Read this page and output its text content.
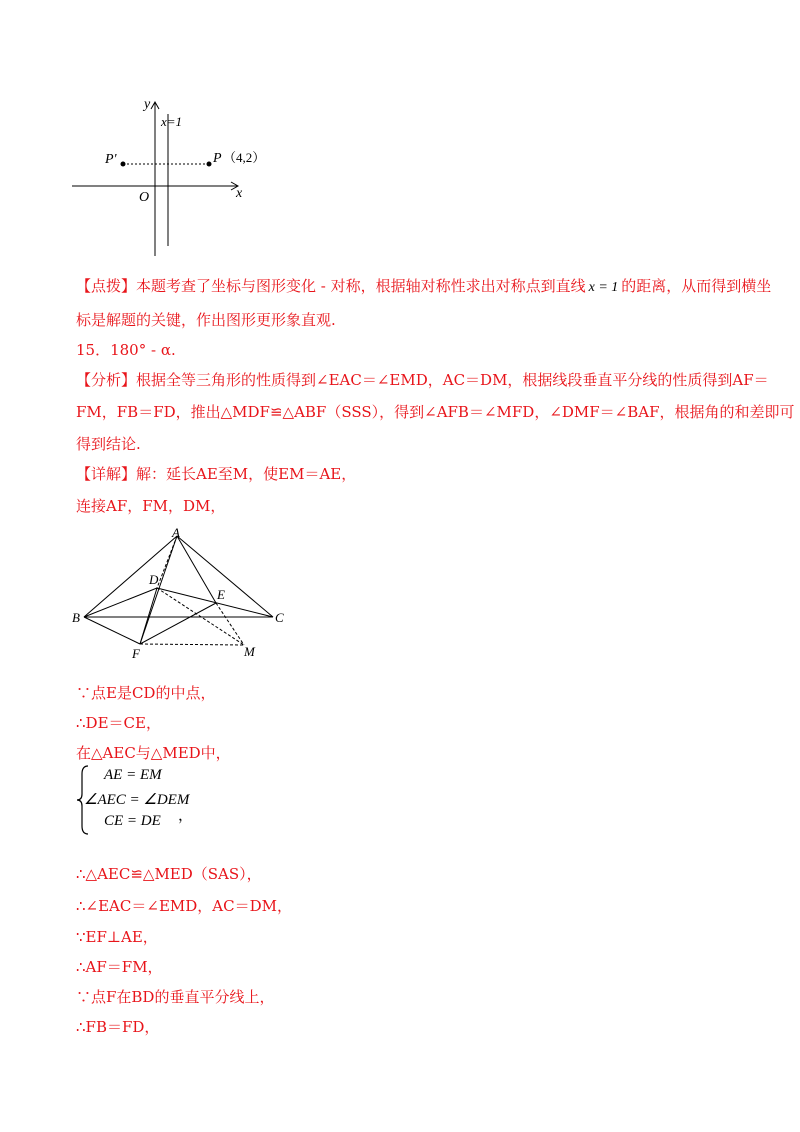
y
x
O
x=1
P （4,2）
P'
【点拨】本题考查了坐标与图形变化 - 对称，根据轴对称性求出对称点到直线 x = 1 的距离，从而得到横坐
标是解题的关键，作出图形更形象直观.
15．180° - α.
【分析】根据全等三角形的性质得到∠EAC＝∠EMD，AC＝DM，根据线段垂直平分线的性质得到AF＝
FM，FB＝FD，推出△MDF≌△ABF（SSS），得到∠AFB＝∠MFD，∠DMF＝∠BAF，根据角的和差即可
得到结论.
【详解】解：延长AE至M，使EM＝AE，
连接AF，FM，DM，
A
B	C
D
E
F	M
∵点E是CD的中点，
∴DE＝CE，
在△AEC与△MED中，
AE = EM
∠AEC = ∠DEM
CE = DE ，
∴△AEC≌△MED（SAS），
∴∠EAC＝∠EMD，AC＝DM，
∵EF⊥AE，
∴AF＝FM，
∵点F在BD的垂直平分线上，
∴FB＝FD，
